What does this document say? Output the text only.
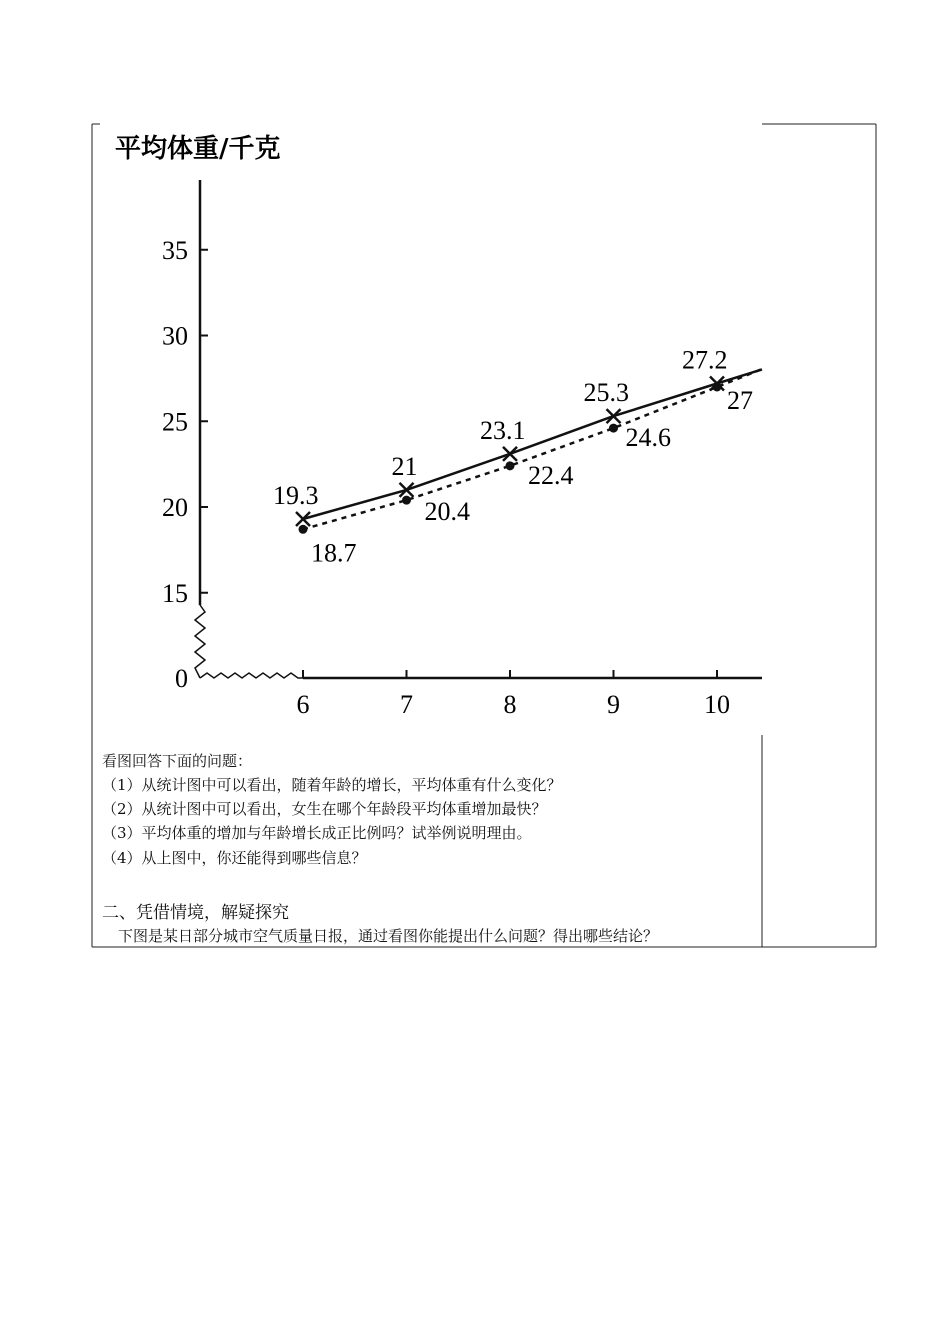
平均体重/千克
0
15
20
25
30
35
6	7	8	9	10
19.3
21
23.1
25.3
27.2
18.7
20.4
22.4
24.6
27
看图回答下面的问题：
（1）从统计图中可以看出，随着年龄的增长，平均体重有什么变化？
（2）从统计图中可以看出，女生在哪个年龄段平均体重增加最快？
（3）平均体重的增加与年龄增长成正比例吗？试举例说明理由。
（4）从上图中，你还能得到哪些信息？
二、凭借情境，解疑探究
下图是某日部分城市空气质量日报，通过看图你能提出什么问题？得出哪些结论？
